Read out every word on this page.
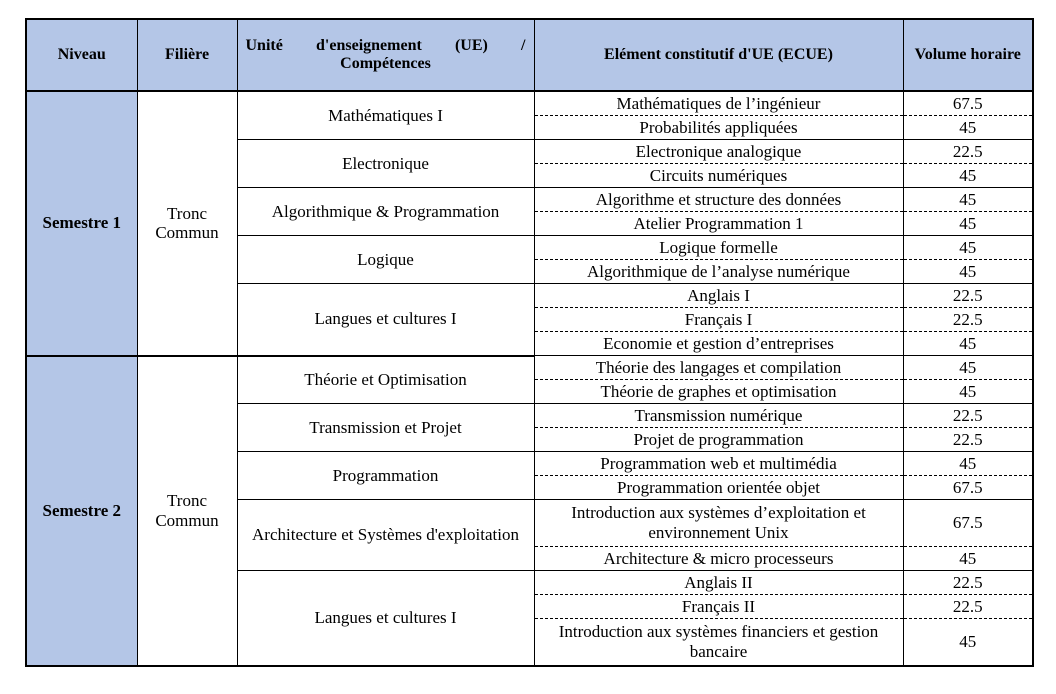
Niveau	Filière	Unité d'enseignement (UE) / Compétences	Elément constitutif d'UE (ECUE)	Volume horaire
Semestre 1	Tronc Commun	Mathématiques I	Mathématiques de l’ingénieur	67.5
			Probabilités appliquées	45
		Electronique	Electronique analogique	22.5
			Circuits numériques	45
		Algorithmique & Programmation	Algorithme et structure des données	45
			Atelier Programmation 1	45
		Logique	Logique formelle	45
			Algorithmique de l’analyse numérique	45
		Langues et cultures I	Anglais I	22.5
			Français I	22.5
			Economie et gestion d’entreprises	45
Semestre 2	Tronc Commun	Théorie et Optimisation	Théorie des langages et compilation	45
			Théorie de graphes et optimisation	45
		Transmission et Projet	Transmission numérique	22.5
			Projet de programmation	22.5
		Programmation	Programmation web et multimédia	45
			Programmation orientée objet	67.5
		Architecture et Systèmes d'exploitation	Introduction aux systèmes d’exploitation et environnement Unix	67.5
			Architecture & micro processeurs	45
		Langues et cultures I	Anglais II	22.5
			Français II	22.5
			Introduction aux systèmes financiers et gestion bancaire	45
